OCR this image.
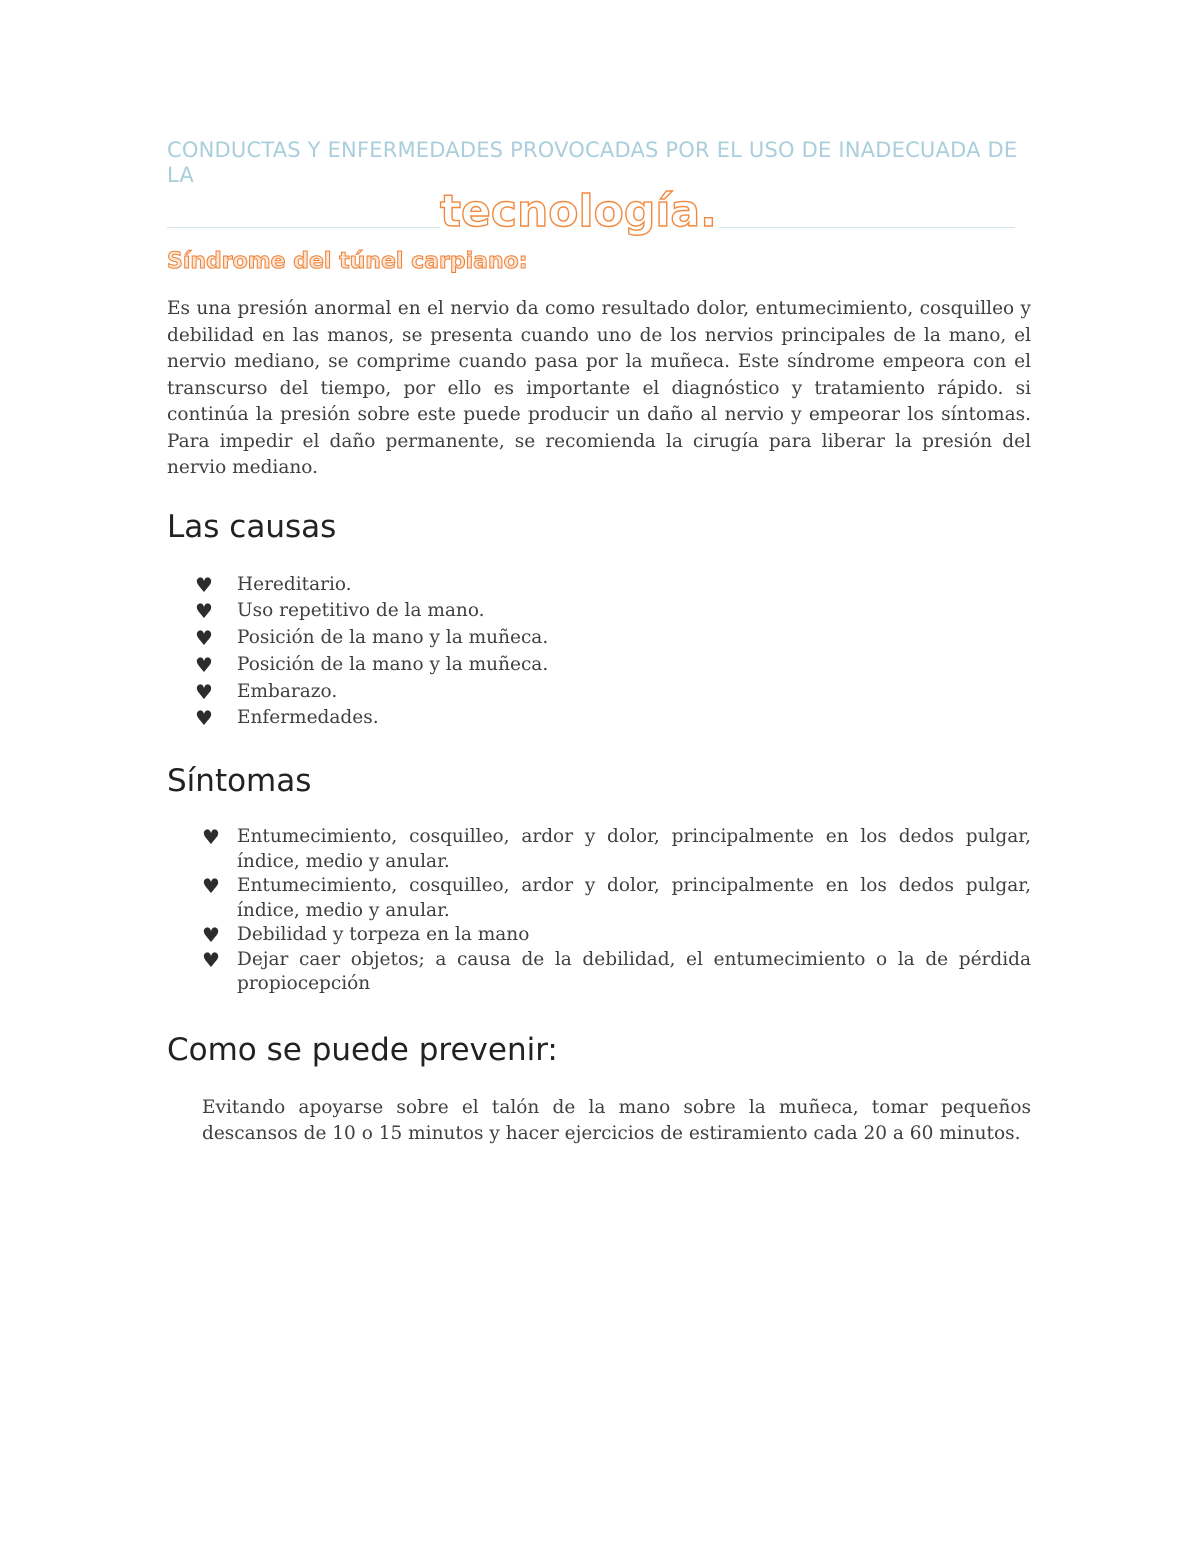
CONDUCTAS Y ENFERMEDADES PROVOCADAS POR EL USO DE INADECUADA DE LA

tecnología.
Síndrome del túnel carpiano:

Es una presión anormal en el nervio da como resultado dolor, entumecimiento, cosquilleo y debilidad en las manos, se presenta cuando uno de los nervios principales de la mano, el nervio mediano, se comprime cuando pasa por la muñeca. Este síndrome empeora con el transcurso del tiempo, por ello es importante el diagnóstico y tratamiento rápido. si continúa la presión sobre este puede producir un daño al nervio y empeorar los síntomas. Para impedir el daño permanente, se recomienda la cirugía para liberar la presión del nervio mediano.

Las causas
♥ Hereditario.
♥ Uso repetitivo de la mano.
♥ Posición de la mano y la muñeca.
♥ Posición de la mano y la muñeca.
♥ Embarazo.
♥ Enfermedades.
Síntomas
♥ Entumecimiento, cosquilleo, ardor y dolor, principalmente en los dedos pulgar, índice, medio y anular.
♥ Entumecimiento, cosquilleo, ardor y dolor, principalmente en los dedos pulgar, índice, medio y anular.
♥ Debilidad y torpeza en la mano
♥ Dejar caer objetos; a causa de la debilidad, el entumecimiento o la de pérdida propiocepción
Como se puede prevenir:

Evitando apoyarse sobre el talón de la mano sobre la muñeca, tomar pequeños descansos de 10 o 15 minutos y hacer ejercicios de estiramiento cada 20 a 60 minutos.
